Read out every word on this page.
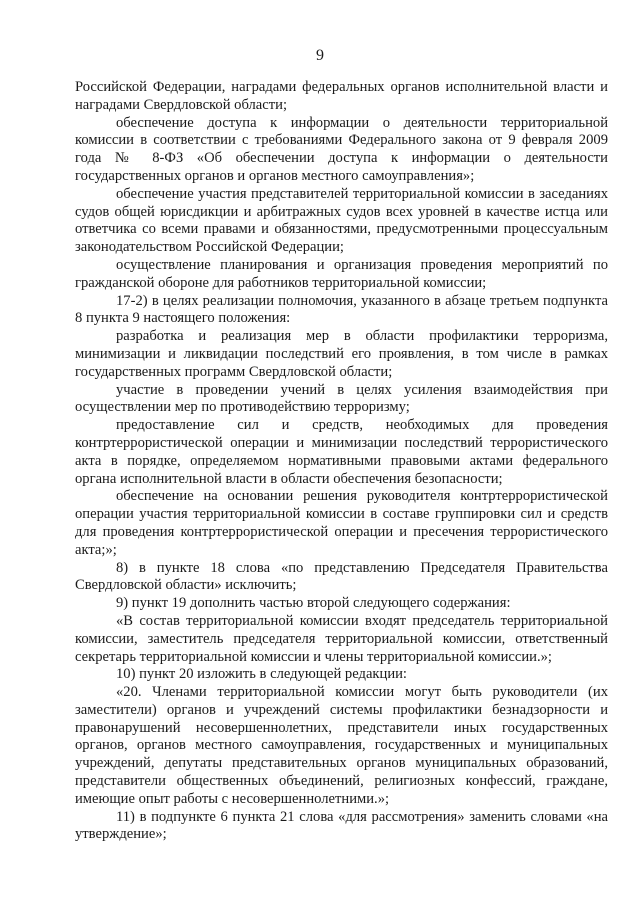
9

Российской Федерации, наградами федеральных органов исполнительной власти и наградами Свердловской области;

обеспечение доступа к информации о деятельности территориальной комиссии в соответствии с требованиями Федерального закона от 9 февраля 2009 года № 8-ФЗ «Об обеспечении доступа к информации о деятельности государственных органов и органов местного самоуправления»;

обеспечение участия представителей территориальной комиссии в заседаниях судов общей юрисдикции и арбитражных судов всех уровней в качестве истца или ответчика со всеми правами и обязанностями, предусмотренными процессуальным законодательством Российской Федерации;

осуществление планирования и организация проведения мероприятий по гражданской обороне для работников территориальной комиссии;

17-2) в целях реализации полномочия, указанного в абзаце третьем подпункта 8 пункта 9 настоящего положения:

разработка и реализация мер в области профилактики терроризма, минимизации и ликвидации последствий его проявления, в том числе в рамках государственных программ Свердловской области;

участие в проведении учений в целях усиления взаимодействия при осуществлении мер по противодействию терроризму;

предоставление сил и средств, необходимых для проведения контртеррористической операции и минимизации последствий террористического акта в порядке, определяемом нормативными правовыми актами федерального органа исполнительной власти в области обеспечения безопасности;

обеспечение на основании решения руководителя контртеррористической операции участия территориальной комиссии в составе группировки сил и средств для проведения контртеррористической операции и пресечения террористического акта;»;

8) в пункте 18 слова «по представлению Председателя Правительства Свердловской области» исключить;

9) пункт 19 дополнить частью второй следующего содержания:

«В состав территориальной комиссии входят председатель территориальной комиссии, заместитель председателя территориальной комиссии, ответственный секретарь территориальной комиссии и члены территориальной комиссии.»;

10) пункт 20 изложить в следующей редакции:

«20. Членами территориальной комиссии могут быть руководители (их заместители) органов и учреждений системы профилактики безнадзорности и правонарушений несовершеннолетних, представители иных государственных органов, органов местного самоуправления, государственных и муниципальных учреждений, депутаты представительных органов муниципальных образований, представители общественных объединений, религиозных конфессий, граждане, имеющие опыт работы с несовершеннолетними.»;

11) в подпункте 6 пункта 21 слова «для рассмотрения» заменить словами «на утверждение»;
